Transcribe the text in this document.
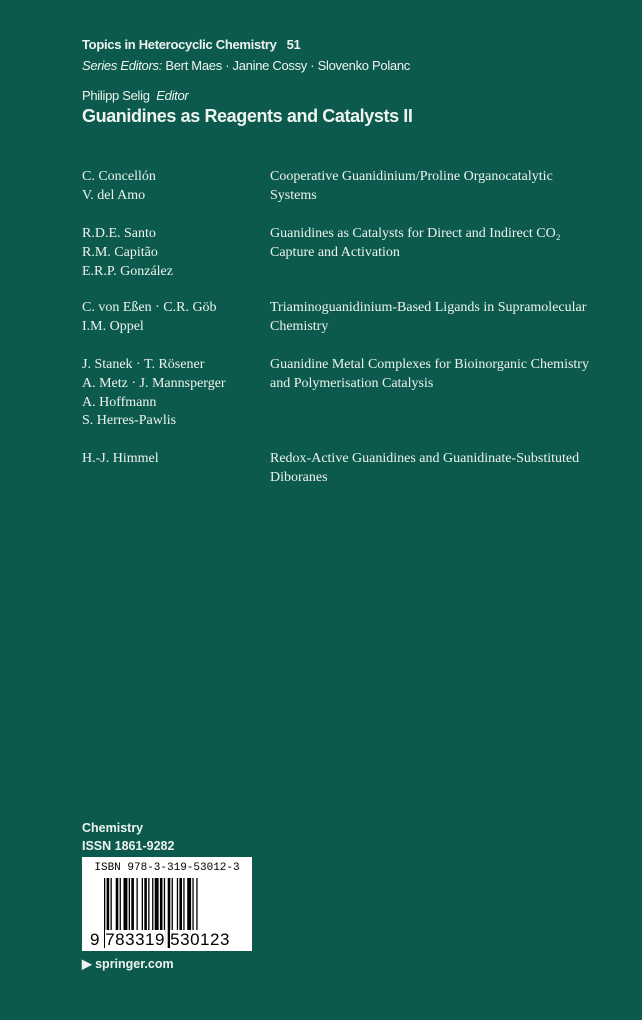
Topics in Heterocyclic Chemistry 51
Series Editors: Bert Maes · Janine Cossy · Slovenko Polanc
Philipp Selig Editor
Guanidines as Reagents and Catalysts II
C. Concellón
V. del Amo
Cooperative Guanidinium/Proline Organocatalytic
Systems
R.D.E. Santo
R.M. Capitão
E.R.P. González
Guanidines as Catalysts for Direct and Indirect CO₂
Capture and Activation
C. von Eßen · C.R. Göb
I.M. Oppel
Triaminoguanidinium-Based Ligands in Supramolecular
Chemistry
J. Stanek · T. Rösener
A. Metz · J. Mannsperger
A. Hoffmann
S. Herres-Pawlis
Guanidine Metal Complexes for Bioinorganic Chemistry
and Polymerisation Catalysis
H.-J. Himmel	Redox-Active Guanidines and Guanidinate-Substituted
Diboranes
Chemistry
ISSN 1861-9282
ISBN 978-3-319-53012-3
9 783319 530123
▶ springer.com
